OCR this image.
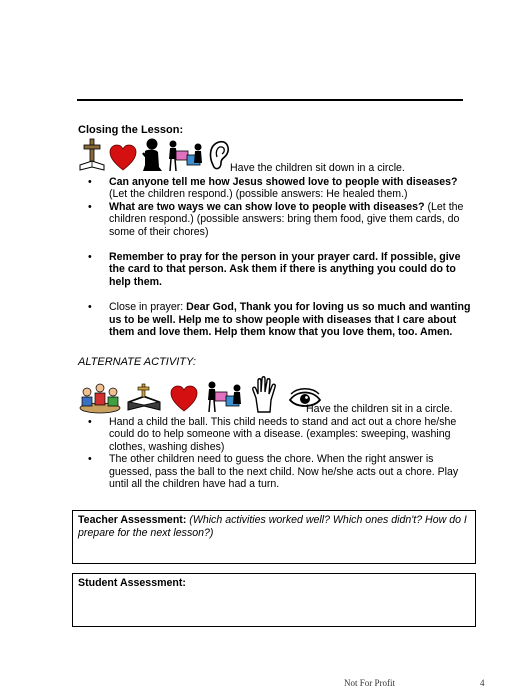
Closing the Lesson:
Have the children sit down in a circle.
• Can anyone tell me how Jesus showed love to people with diseases? (Let the children respond.) (possible answers: He healed them.)
• What are two ways we can show love to people with diseases? (Let the children respond.) (possible answers: bring them food, give them cards, do some of their chores)
• Remember to pray for the person in your prayer card. If possible, give the card to that person. Ask them if there is anything you could do to help them.
• Close in prayer: Dear God, Thank you for loving us so much and wanting us to be well. Help me to show people with diseases that I care about them and love them. Help them know that you love them, too. Amen.
ALTERNATE ACTIVITY:
Have the children sit in a circle.
• Hand a child the ball. This child needs to stand and act out a chore he/she could do to help someone with a disease. (examples: sweeping, washing clothes, washing dishes)
• The other children need to guess the chore. When the right answer is guessed, pass the ball to the next child. Now he/she acts out a chore. Play until all the children have had a turn.
Teacher Assessment: (Which activities worked well? Which ones didn't? How do I prepare for the next lesson?)
Student Assessment:
Not For Profit	4
